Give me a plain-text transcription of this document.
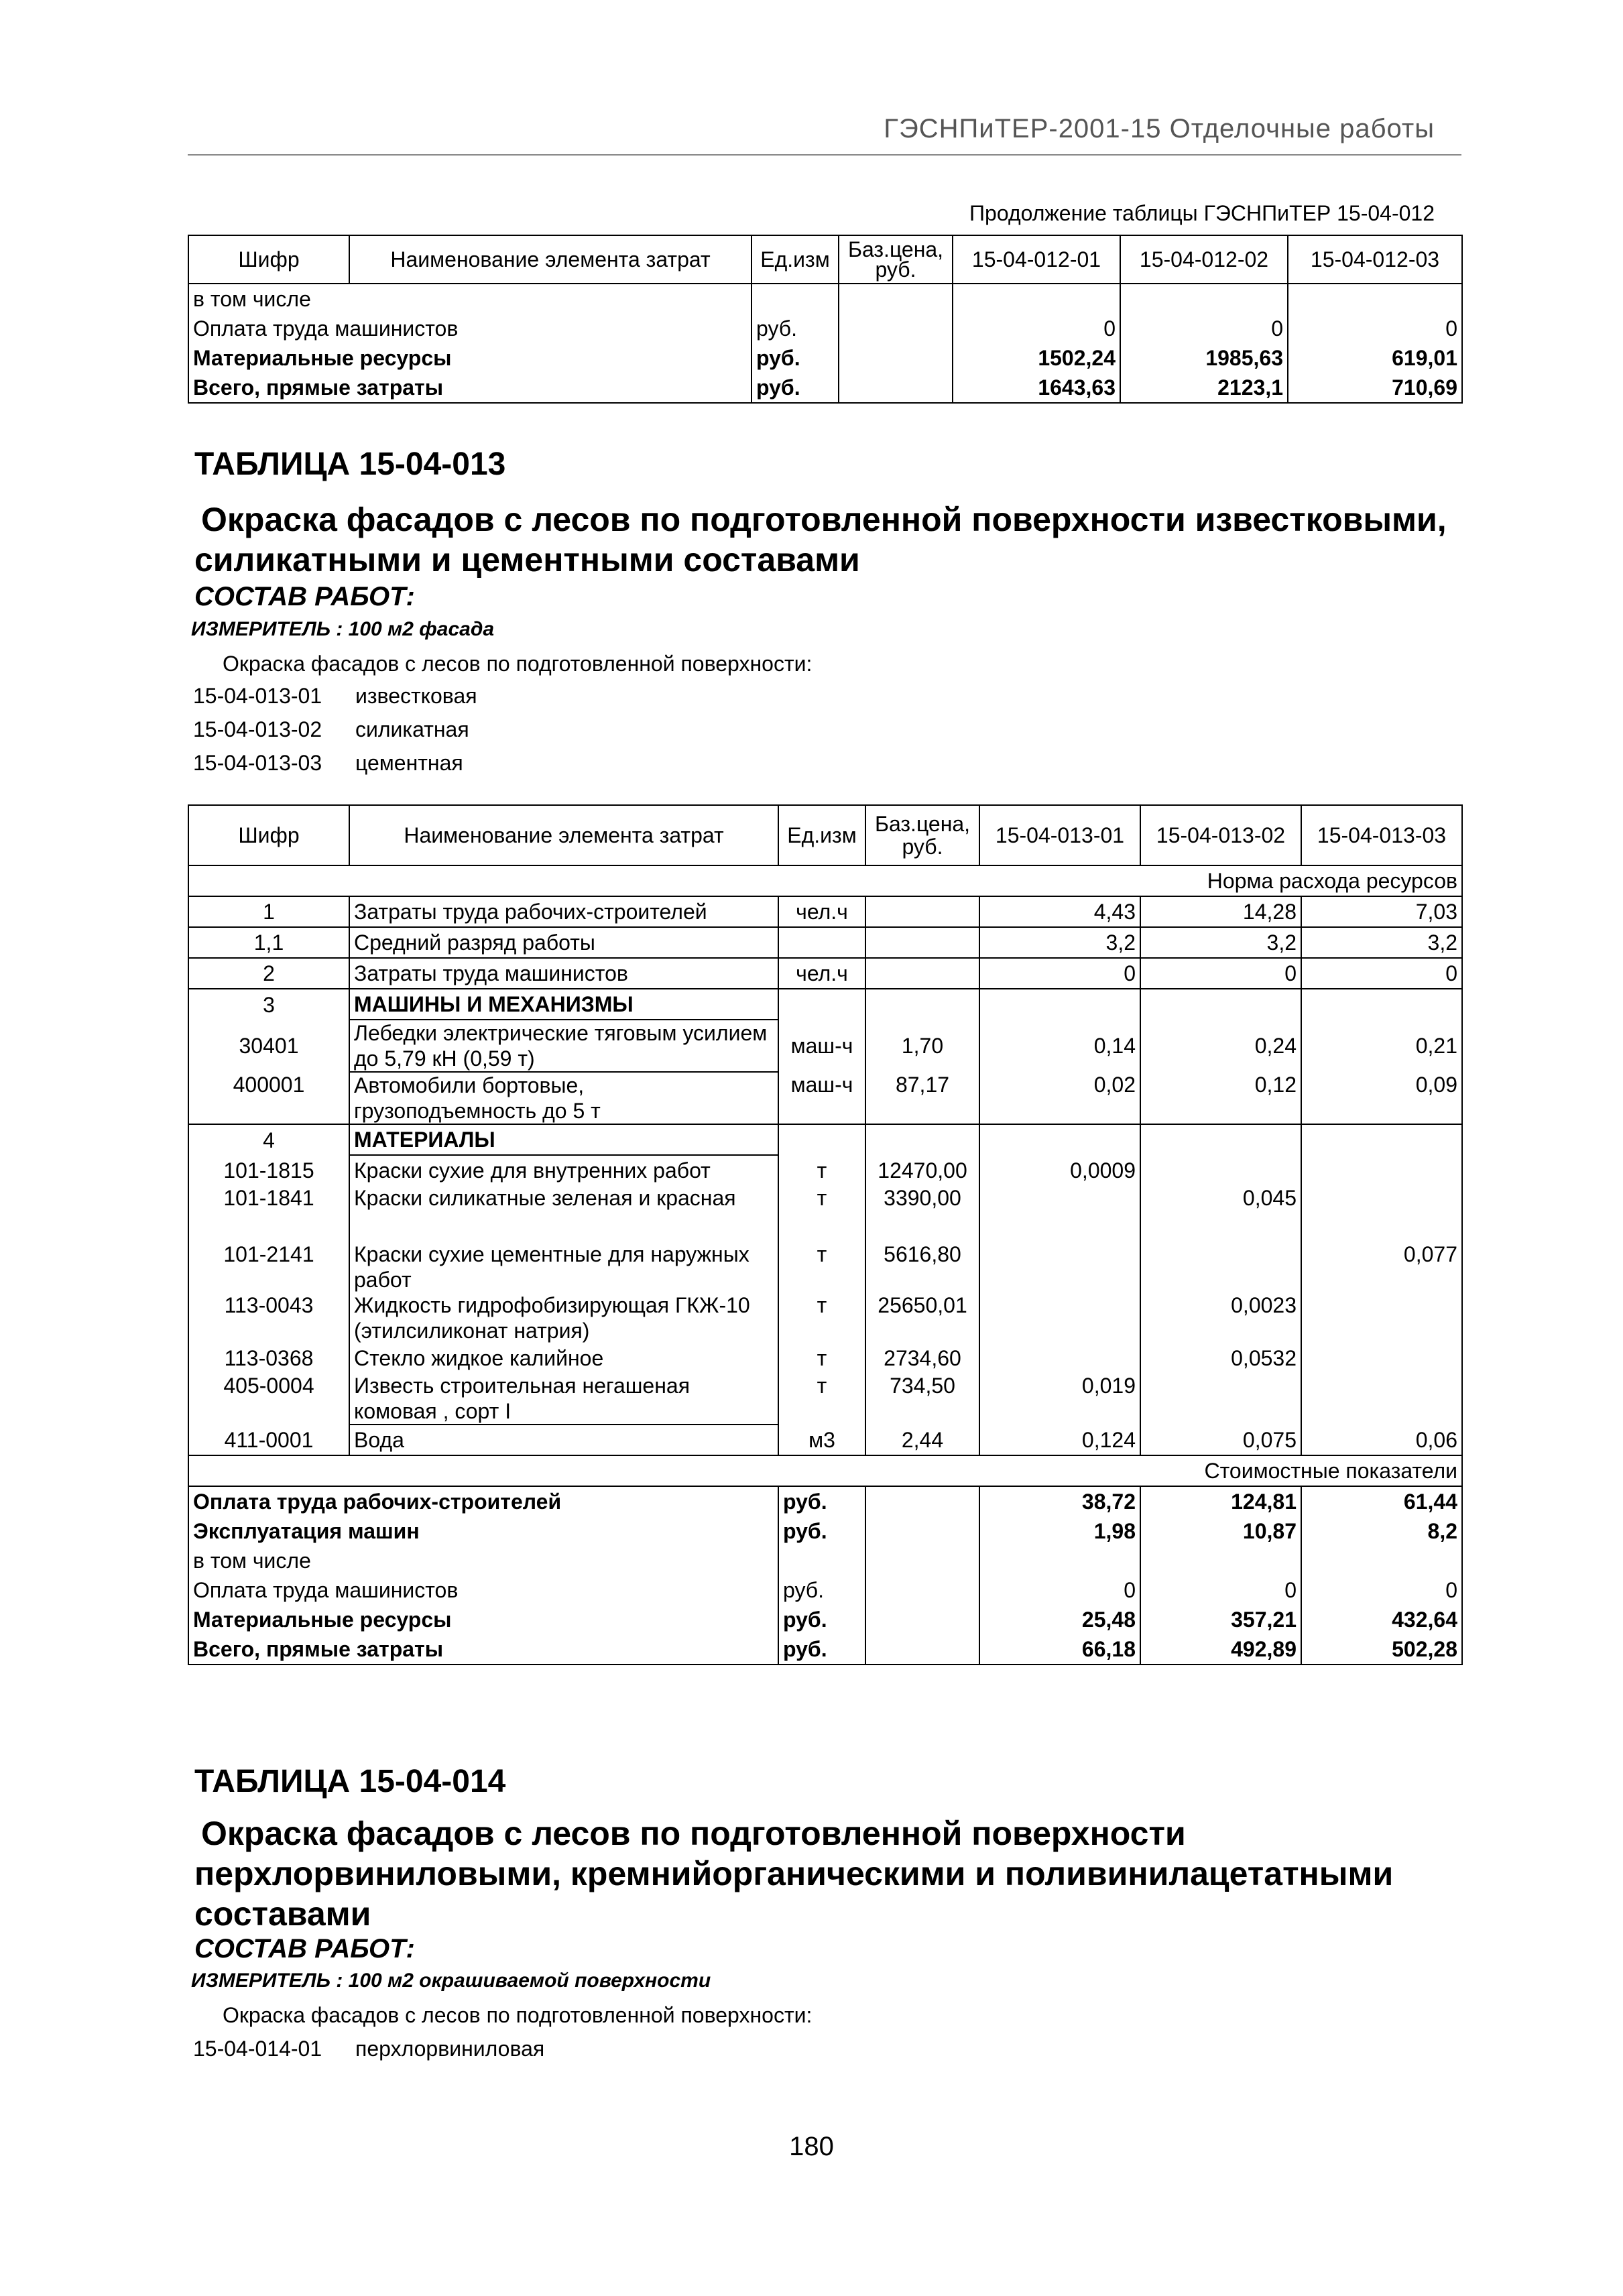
ГЭСНПиТЕР-2001-15 Отделочные работы
Продолжение таблицы ГЭСНПиТЕР 15-04-012
Шифр	Наименование элемента затрат	Ед.изм	Баз.цена, руб.	15-04-012-01	15-04-012-02	15-04-012-03
в том числе						
Оплата труда машинистов		руб.		0	0	0
Материальные ресурсы		руб.		1502,24	1985,63	619,01
Всего, прямые затраты		руб.		1643,63	2123,1	710,69
ТАБЛИЦА 15-04-013
Окраска фасадов с лесов по подготовленной поверхности известковыми,
силикатными и цементными составами
СОСТАВ РАБОТ:
ИЗМЕРИТЕЛЬ : 100 м2 фасада
Окраска фасадов с лесов по подготовленной поверхности:
15-04-013-01 известковая
15-04-013-02 силикатная
15-04-013-03 цементная
Шифр	Наименование элемента затрат	Ед.изм	Баз.цена, руб.	15-04-013-01	15-04-013-02	15-04-013-03
Норма расхода ресурсов						
1	Затраты труда рабочих-строителей	чел.ч		4,43	14,28	7,03
1,1	Средний разряд работы			3,2	3,2	3,2
2	Затраты труда машинистов	чел.ч		0	0	0
3	МАШИНЫ И МЕХАНИЗМЫ					
30401	Лебедки электрические тяговым усилием
до 5,79 кН (0,59 т)	маш-ч	1,70	0,14	0,24	0,21
400001	Автомобили бортовые,
грузоподъемность до 5 т	маш-ч	87,17	0,02	0,12	0,09
4	МАТЕРИАЛЫ					
101-1815	Краски сухие для внутренних работ	т	12470,00	0,0009		
101-1841	Краски силикатные зеленая и красная	т	3390,00		0,045	
101-2141	Краски сухие цементные для наружных
работ	т	5616,80			0,077
113-0043	Жидкость гидрофобизирующая ГКЖ-10
(этилсиликонат натрия)	т	25650,01		0,0023	
113-0368	Стекло жидкое калийное	т	2734,60		0,0532	
405-0004	Известь строительная негашеная
комовая , сорт I	т	734,50	0,019		
411-0001	Вода	м3	2,44	0,124	0,075	0,06
Стоимостные показатели						
Оплата труда рабочих-строителей		руб.		38,72	124,81	61,44
Эксплуатация машин		руб.		1,98	10,87	8,2
в том числе						
Оплата труда машинистов		руб.		0	0	0
Материальные ресурсы		руб.		25,48	357,21	432,64
Всего, прямые затраты		руб.		66,18	492,89	502,28
ТАБЛИЦА 15-04-014
Окраска фасадов с лесов по подготовленной поверхности
перхлорвиниловыми, кремнийорганическими и поливинилацетатными
составами
СОСТАВ РАБОТ:
ИЗМЕРИТЕЛЬ : 100 м2 окрашиваемой поверхности
Окраска фасадов с лесов по подготовленной поверхности:
15-04-014-01 перхлорвиниловая
180
